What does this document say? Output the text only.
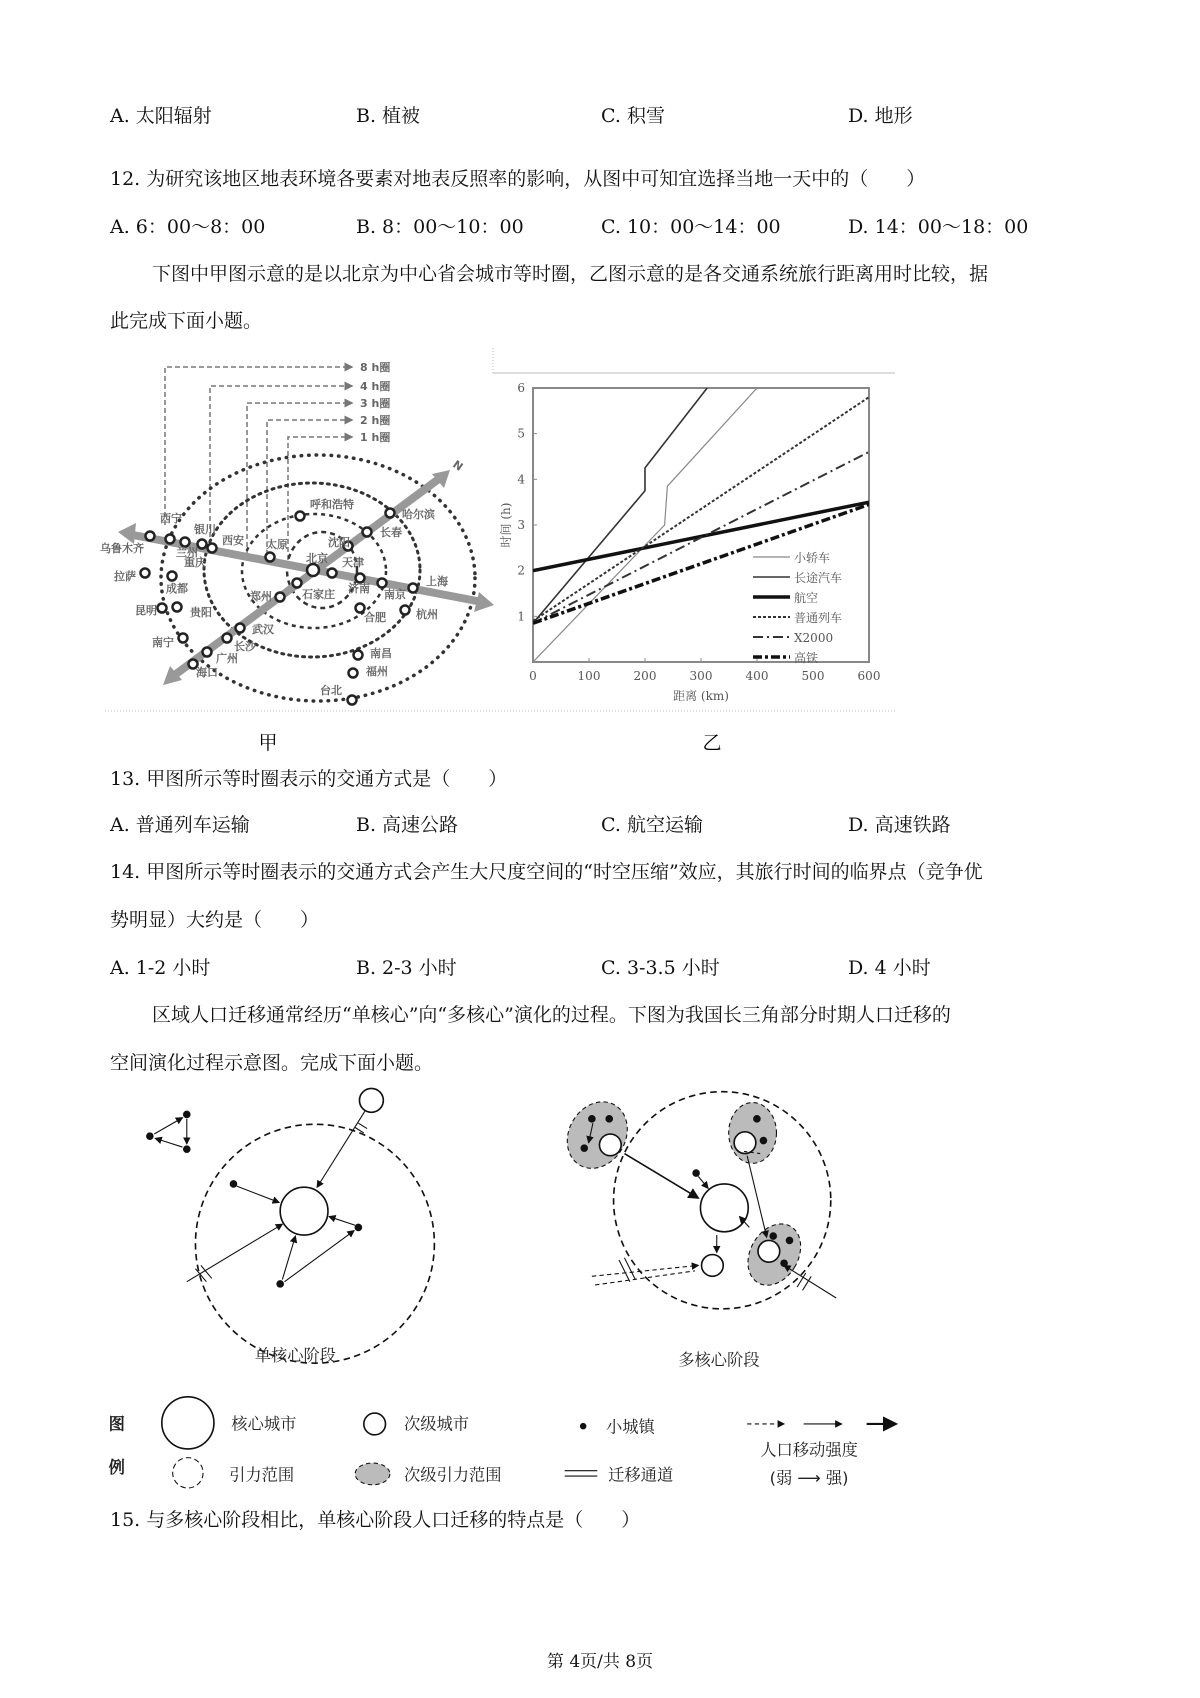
A. 太阳辐射	B. 植被	C. 积雪	D. 地形
12. 为研究该地区地表环境各要素对地表反照率的影响，从图中可知宜选择当地一天中的（　　）
A. 6：00～8：00	B. 8：00～10：00	C. 10：00～14：00	D. 14：00～18：00
下图中甲图示意的是以北京为中心省会城市等时圈，乙图示意的是各交通系统旅行距离用时比较，据
此完成下面小题。
8 h圈
4 h圈
3 h圈
2 h圈
1 h圈
N
西宁
乌鲁木齐	兰州
银川
西安
重庆
拉萨
成都
昆明	贵阳
南宁
广州
海口
长沙
武汉
郑州	石家庄
太原
呼和浩特
北京
沈阳
天津
长春
哈尔滨
济南 南京
上海
合肥	杭州
南昌
福州
台北
0	100	200	300	400	500	600
1
2
3
4
5
6
距离 (km)
时间 (h)
小轿车
长途汽车
航空
普通列车
X2000
高铁
甲	乙
13. 甲图所示等时圈表示的交通方式是（　　）
A. 普通列车运输	B. 高速公路	C. 航空运输	D. 高速铁路
14. 甲图所示等时圈表示的交通方式会产生大尺度空间的“时空压缩”效应，其旅行时间的临界点（竞争优
势明显）大约是（　　）
A. 1-2 小时	B. 2-3 小时	C. 3-3.5 小时	D. 4 小时
区域人口迁移通常经历“单核心”向“多核心”演化的过程。下图为我国长三角部分时期人口迁移的
空间演化过程示意图。完成下面小题。
单核心阶段	多核心阶段
图
例
核心城市	次级城市	小城镇
人口移动强度
(弱 ⟶ 强)
引力范围	次级引力范围	迁移通道
15. 与多核心阶段相比，单核心阶段人口迁移的特点是（　　）
第 4页/共 8页
